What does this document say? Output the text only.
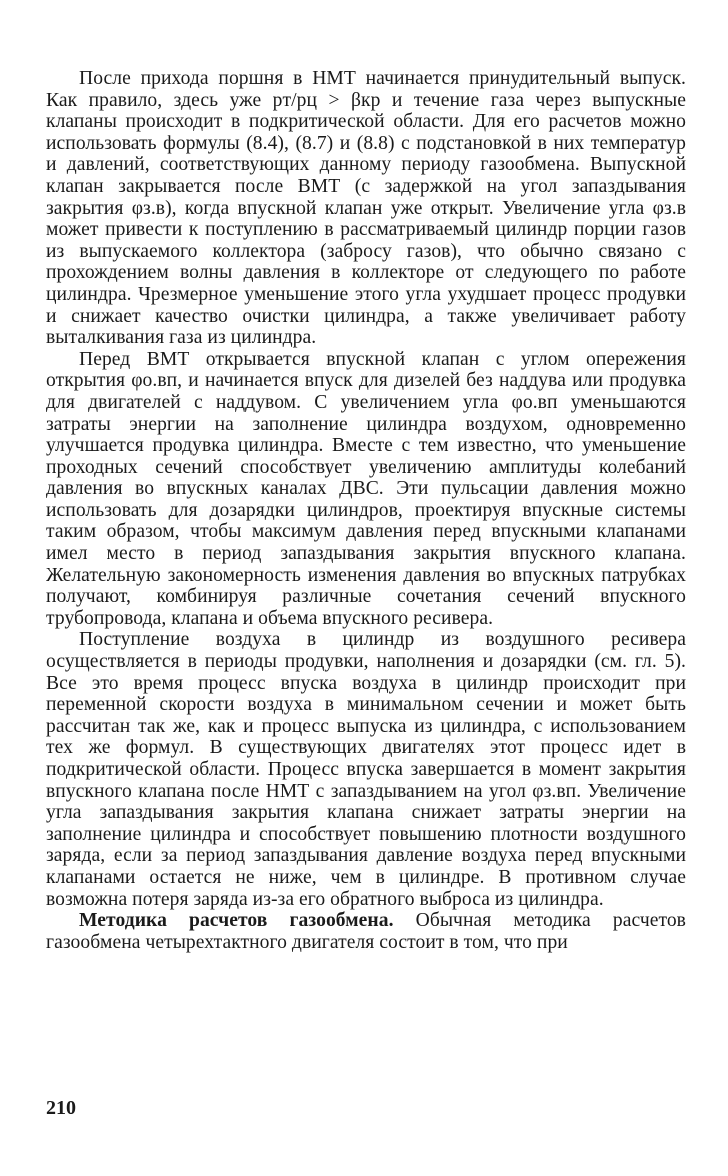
После прихода поршня в НМТ начинается принудительный выпуск. Как правило, здесь уже pт/pц > βкр и течение газа через выпускные клапаны происходит в подкритической области. Для его расчетов можно использовать формулы (8.4), (8.7) и (8.8) с подстановкой в них температур и давлений, соответствующих данному периоду газообмена. Выпускной клапан закрывается после ВМТ (с задержкой на угол запаздывания закрытия φз.в), когда впускной клапан уже открыт. Увеличение угла φз.в может привести к поступлению в рассматриваемый цилиндр порции газов из выпускаемого коллектора (забросу газов), что обычно связано с прохождением волны давления в коллекторе от следующего по работе цилиндра. Чрезмерное уменьшение этого угла ухудшает процесс продувки и снижает качество очистки цилиндра, а также увеличивает работу выталкивания газа из цилиндра.

Перед ВМТ открывается впускной клапан с углом опережения открытия φо.вп, и начинается впуск для дизелей без наддува или продувка для двигателей с наддувом. С увеличением угла φо.вп уменьшаются затраты энергии на заполнение цилиндра воздухом, одновременно улучшается продувка цилиндра. Вместе с тем известно, что уменьшение проходных сечений способствует увеличению амплитуды колебаний давления во впускных каналах ДВС. Эти пульсации давления можно использовать для дозарядки цилиндров, проектируя впускные системы таким образом, чтобы максимум давления перед впускными клапанами имел место в период запаздывания закрытия впускного клапана. Желательную закономерность изменения давления во впускных патрубках получают, комбинируя различные сочетания сечений впускного трубопровода, клапана и объема впускного ресивера.

Поступление воздуха в цилиндр из воздушного ресивера осуществляется в периоды продувки, наполнения и дозарядки (см. гл. 5). Все это время процесс впуска воздуха в цилиндр происходит при переменной скорости воздуха в минимальном сечении и может быть рассчитан так же, как и процесс выпуска из цилиндра, с использованием тех же формул. В существующих двигателях этот процесс идет в подкритической области. Процесс впуска завершается в момент закрытия впускного клапана после НМТ с запаздыванием на угол φз.вп. Увеличение угла запаздывания закрытия клапана снижает затраты энергии на заполнение цилиндра и способствует повышению плотности воздушного заряда, если за период запаздывания давление воздуха перед впускными клапанами остается не ниже, чем в цилиндре. В противном случае возможна потеря заряда из-за его обратного выброса из цилиндра.

Методика расчетов газообмена. Обычная методика расчетов газообмена четырехтактного двигателя состоит в том, что при

210
